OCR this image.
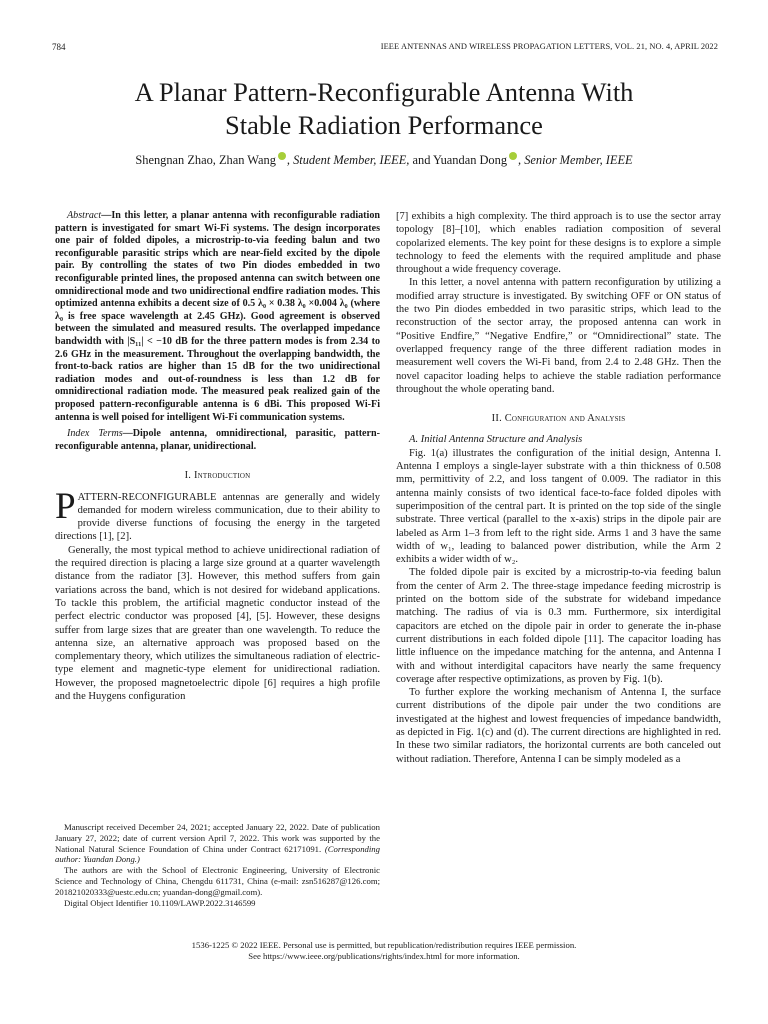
784	IEEE ANTENNAS AND WIRELESS PROPAGATION LETTERS, VOL. 21, NO. 4, APRIL 2022
A Planar Pattern-Reconfigurable Antenna With
Stable Radiation Performance
Shengnan Zhao, Zhan Wang , Student Member, IEEE, and Yuandan Dong , Senior Member, IEEE

Abstract—In this letter, a planar antenna with reconfigurable radiation pattern is investigated for smart Wi-Fi systems. The design incorporates one pair of folded dipoles, a microstrip-to-via feeding balun and two reconfigurable parasitic strips which are near-field excited by the dipole pair. By controlling the states of two Pin diodes embedded in two reconfigurable printed lines, the proposed antenna can switch between one omnidirectional mode and two unidirectional endfire radiation modes. This optimized antenna exhibits a decent size of 0.5 λ₀ × 0.38 λ₀ ×0.004 λ₀ (where λ₀ is free space wavelength at 2.45 GHz). Good agreement is observed between the simulated and measured results. The overlapped impedance bandwidth with |S₁₁| < −10 dB for the three pattern modes is from 2.34 to 2.6 GHz in the measurement. Throughout the overlapping bandwidth, the front-to-back ratios are higher than 15 dB for the two unidirectional radiation modes and out-of-roundness is less than 1.2 dB for omnidirectional radiation mode. The measured peak realized gain of the proposed pattern-reconfigurable antenna is 6 dBi. This proposed Wi-Fi antenna is well poised for intelligent Wi-Fi communication systems.

Index Terms—Dipole antenna, omnidirectional, parasitic, pattern-reconfigurable antenna, planar, unidirectional.

I. Introduction

PATTERN-RECONFIGURABLE antennas are generally and widely demanded for modern wireless communication, due to their ability to provide diverse functions of focusing the energy in the targeted directions [1], [2].

Generally, the most typical method to achieve unidirectional radiation of the required direction is placing a large size ground at a quarter wavelength distance from the radiator [3]. However, this method suffers from gain variations across the band, which is not desired for wideband applications. To tackle this problem, the artificial magnetic conductor instead of the perfect electric conductor was proposed [4], [5]. However, these designs suffer from large sizes that are greater than one wavelength. To reduce the antenna size, an alternative approach was proposed based on the complementary theory, which utilizes the simultaneous radiation of electric-type element and magnetic-type element for unidirectional radiation. However, the proposed magnetoelectric dipole [6] requires a high profile and the Huygens configuration

Manuscript received December 24, 2021; accepted January 22, 2022. Date of publication January 27, 2022; date of current version April 7, 2022. This work was supported by the National Natural Science Foundation of China under Contract 62171091. (Corresponding author: Yuandan Dong.)

The authors are with the School of Electronic Engineering, University of Electronic Science and Technology of China, Chengdu 611731, China (e-mail: zsn516287@126.com; 201821020333@uestc.edu.cn; yuandan-dong@gmail.com).

Digital Object Identifier 10.1109/LAWP.2022.3146599

[7] exhibits a high complexity. The third approach is to use the sector array topology [8]–[10], which enables radiation composition of several copolarized elements. The key point for these designs is to explore a simple technology to feed the elements with the required amplitude and phase throughout a wide frequency coverage.

In this letter, a novel antenna with pattern reconfiguration by utilizing a modified array structure is investigated. By switching OFF or ON status of the two Pin diodes embedded in two parasitic strips, which lead to the reconstruction of the sector array, the proposed antenna can work in “Positive Endfire,” “Negative Endfire,” or “Omnidirectional” state. The overlapped frequency range of the three different radiation modes in measurement well covers the Wi-Fi band, from 2.4 to 2.48 GHz. Then the novel capacitor loading helps to achieve the stable radiation performance throughout the whole operating band.

II. Configuration and Analysis

A. Initial Antenna Structure and Analysis

Fig. 1(a) illustrates the configuration of the initial design, Antenna I. Antenna I employs a single-layer substrate with a thin thickness of 0.508 mm, permittivity of 2.2, and loss tangent of 0.009. The radiator in this antenna mainly consists of two identical face-to-face folded dipoles with superimposition of the central part. It is printed on the top side of the single substrate. Three vertical (parallel to the x-axis) strips in the dipole pair are labeled as Arm 1–3 from left to the right side. Arms 1 and 3 have the same width of w₁, leading to balanced power distribution, while the Arm 2 exhibits a wider width of w₂.

The folded dipole pair is excited by a microstrip-to-via feeding balun from the center of Arm 2. The three-stage impedance feeding microstrip is printed on the bottom side of the substrate for wideband impedance matching. The radius of via is 0.3 mm. Furthermore, six interdigital capacitors are etched on the dipole pair in order to generate the in-phase current distributions in each folded dipole [11]. The capacitor loading has little influence on the impedance matching for the antenna, and Antenna I with and without interdigital capacitors have nearly the same frequency coverage after respective optimizations, as proven by Fig. 1(b).

To further explore the working mechanism of Antenna I, the surface current distributions of the dipole pair under the two conditions are investigated at the highest and lowest frequencies of impedance bandwidth, as depicted in Fig. 1(c) and (d). The current directions are highlighted in red. In these two similar radiators, the horizontal currents are both canceled out without radiation. Therefore, Antenna I can be simply modeled as a

1536-1225 © 2022 IEEE. Personal use is permitted, but republication/redistribution requires IEEE permission.
See https://www.ieee.org/publications/rights/index.html for more information.
